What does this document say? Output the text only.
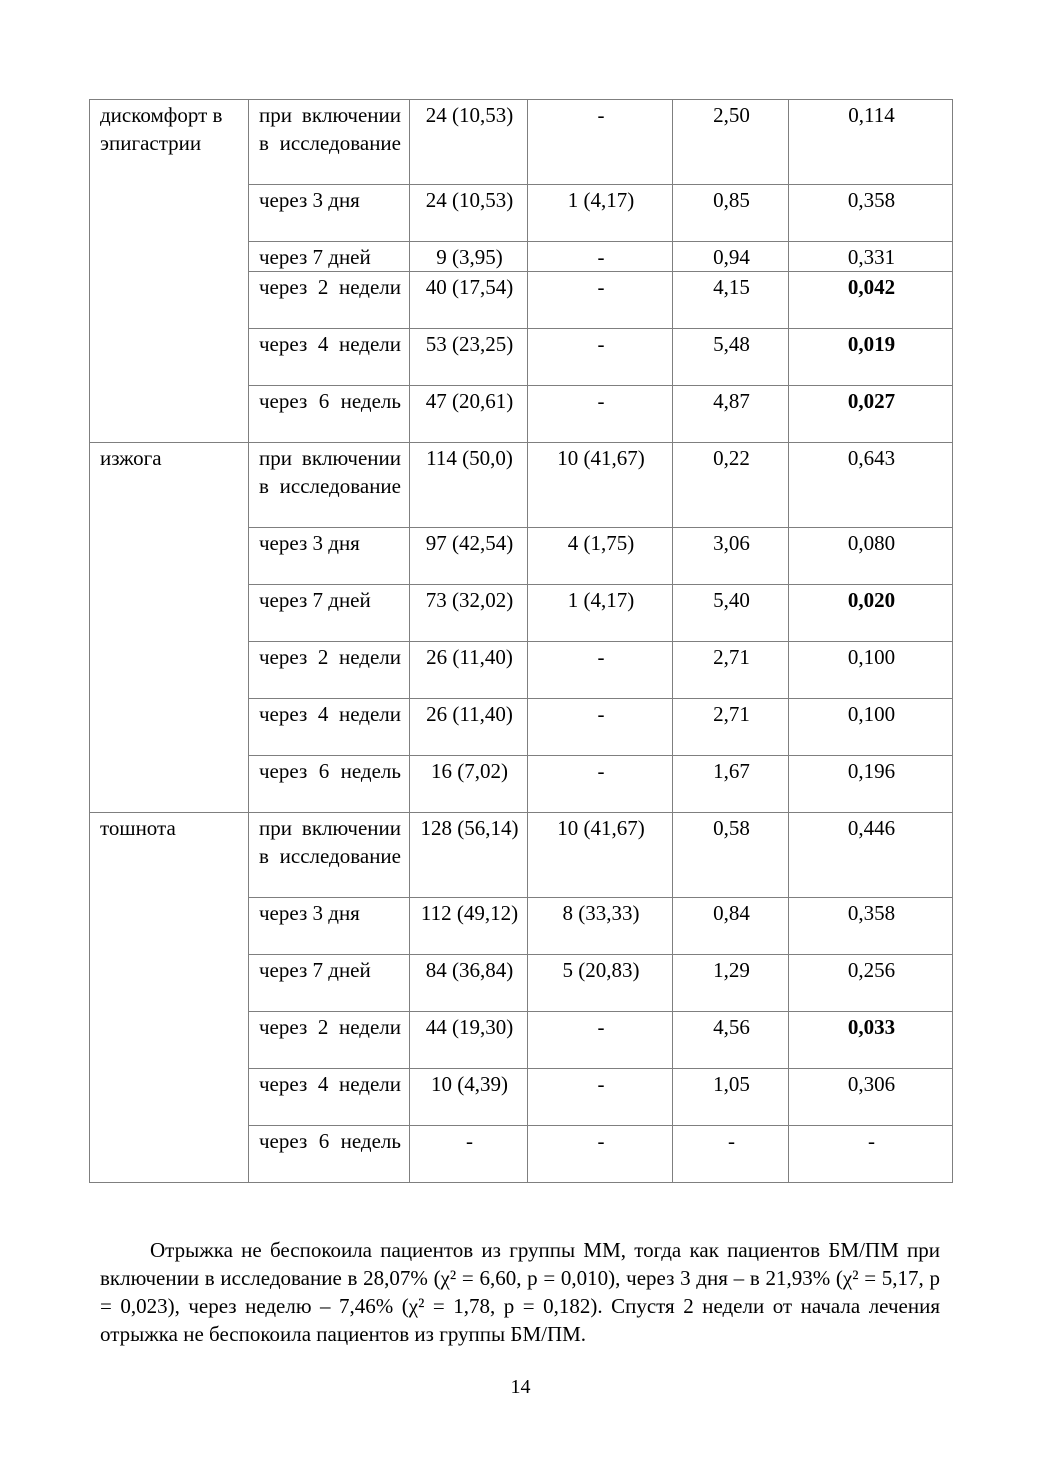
дискомфорт в эпигастрии	при включении в исследование	24 (10,53)	-	2,50	0,114
	через 3 дня	24 (10,53)	1 (4,17)	0,85	0,358
	через 7 дней	9 (3,95)	-	0,94	0,331
	через 2 недели	40 (17,54)	-	4,15	0,042
	через 4 недели	53 (23,25)	-	5,48	0,019
	через 6 недель	47 (20,61)	-	4,87	0,027
изжога	при включении в исследование	114 (50,0)	10 (41,67)	0,22	0,643
	через 3 дня	97 (42,54)	4 (1,75)	3,06	0,080
	через 7 дней	73 (32,02)	1 (4,17)	5,40	0,020
	через 2 недели	26 (11,40)	-	2,71	0,100
	через 4 недели	26 (11,40)	-	2,71	0,100
	через 6 недель	16 (7,02)	-	1,67	0,196
тошнота	при включении в исследование	128 (56,14)	10 (41,67)	0,58	0,446
	через 3 дня	112 (49,12)	8 (33,33)	0,84	0,358
	через 7 дней	84 (36,84)	5 (20,83)	1,29	0,256
	через 2 недели	44 (19,30)	-	4,56	0,033
	через 4 недели	10 (4,39)	-	1,05	0,306
	через 6 недель	-	-	-	-

Отрыжка не беспокоила пациентов из группы ММ, тогда как пациентов БМ/ПМ при включении в исследование в 28,07% (χ² = 6,60, р = 0,010), через 3 дня – в 21,93% (χ² = 5,17, р = 0,023), через неделю – 7,46% (χ² = 1,78, р = 0,182). Спустя 2 недели от начала лечения отрыжка не беспокоила пациентов из группы БМ/ПМ.

14
